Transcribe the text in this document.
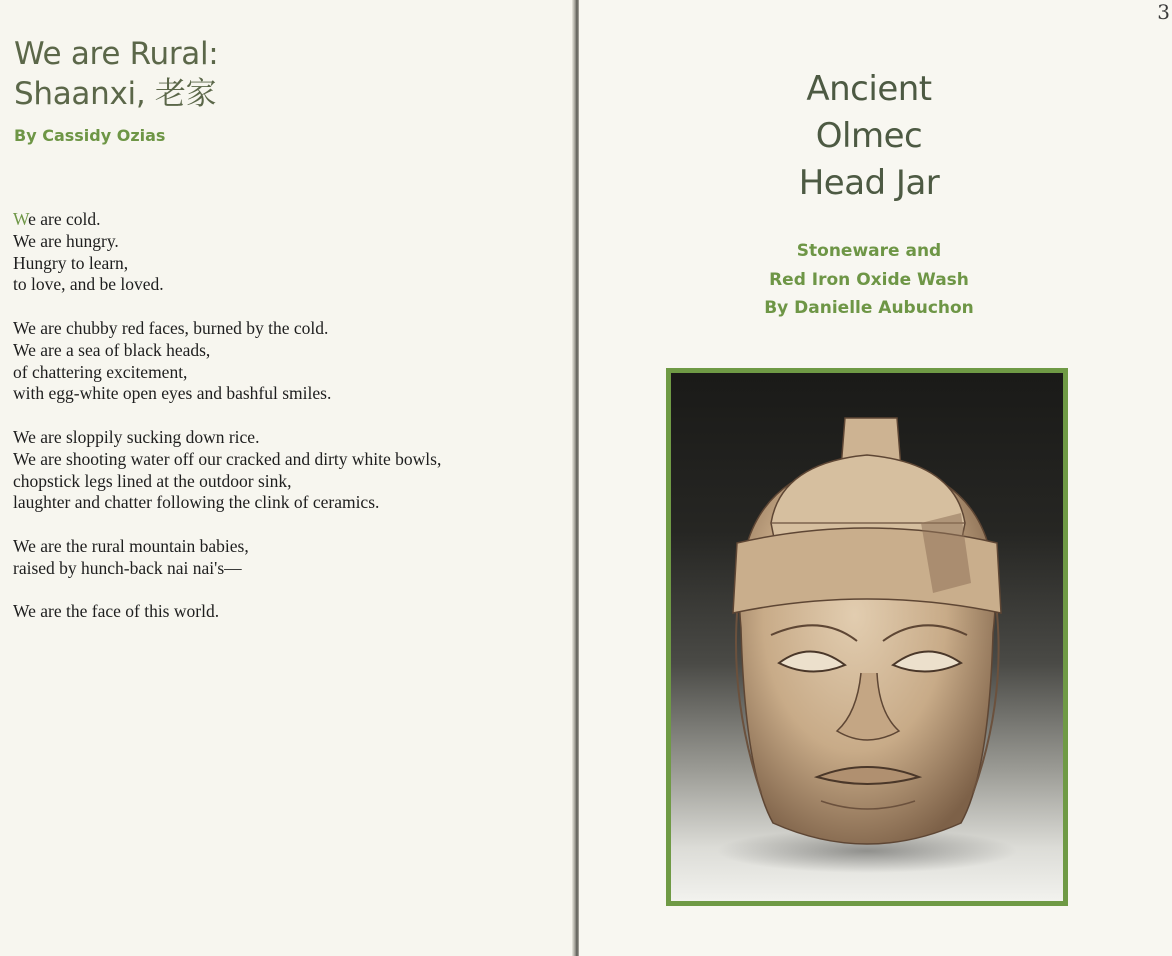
We are Rural:
Shaanxi, 老家
By Cassidy Ozias
We are cold.
We are hungry.
Hungry to learn,
to love, and be loved.
We are chubby red faces, burned by the cold.
We are a sea of black heads,
of chattering excitement,
with egg-white open eyes and bashful smiles.
We are sloppily sucking down rice.
We are shooting water off our cracked and dirty white bowls,
chopstick legs lined at the outdoor sink,
laughter and chatter following the clink of ceramics.
We are the rural mountain babies,
raised by hunch-back nai nai's—
We are the face of this world.
3
Ancient
Olmec
Head Jar
Stoneware and
Red Iron Oxide Wash
By Danielle Aubuchon
